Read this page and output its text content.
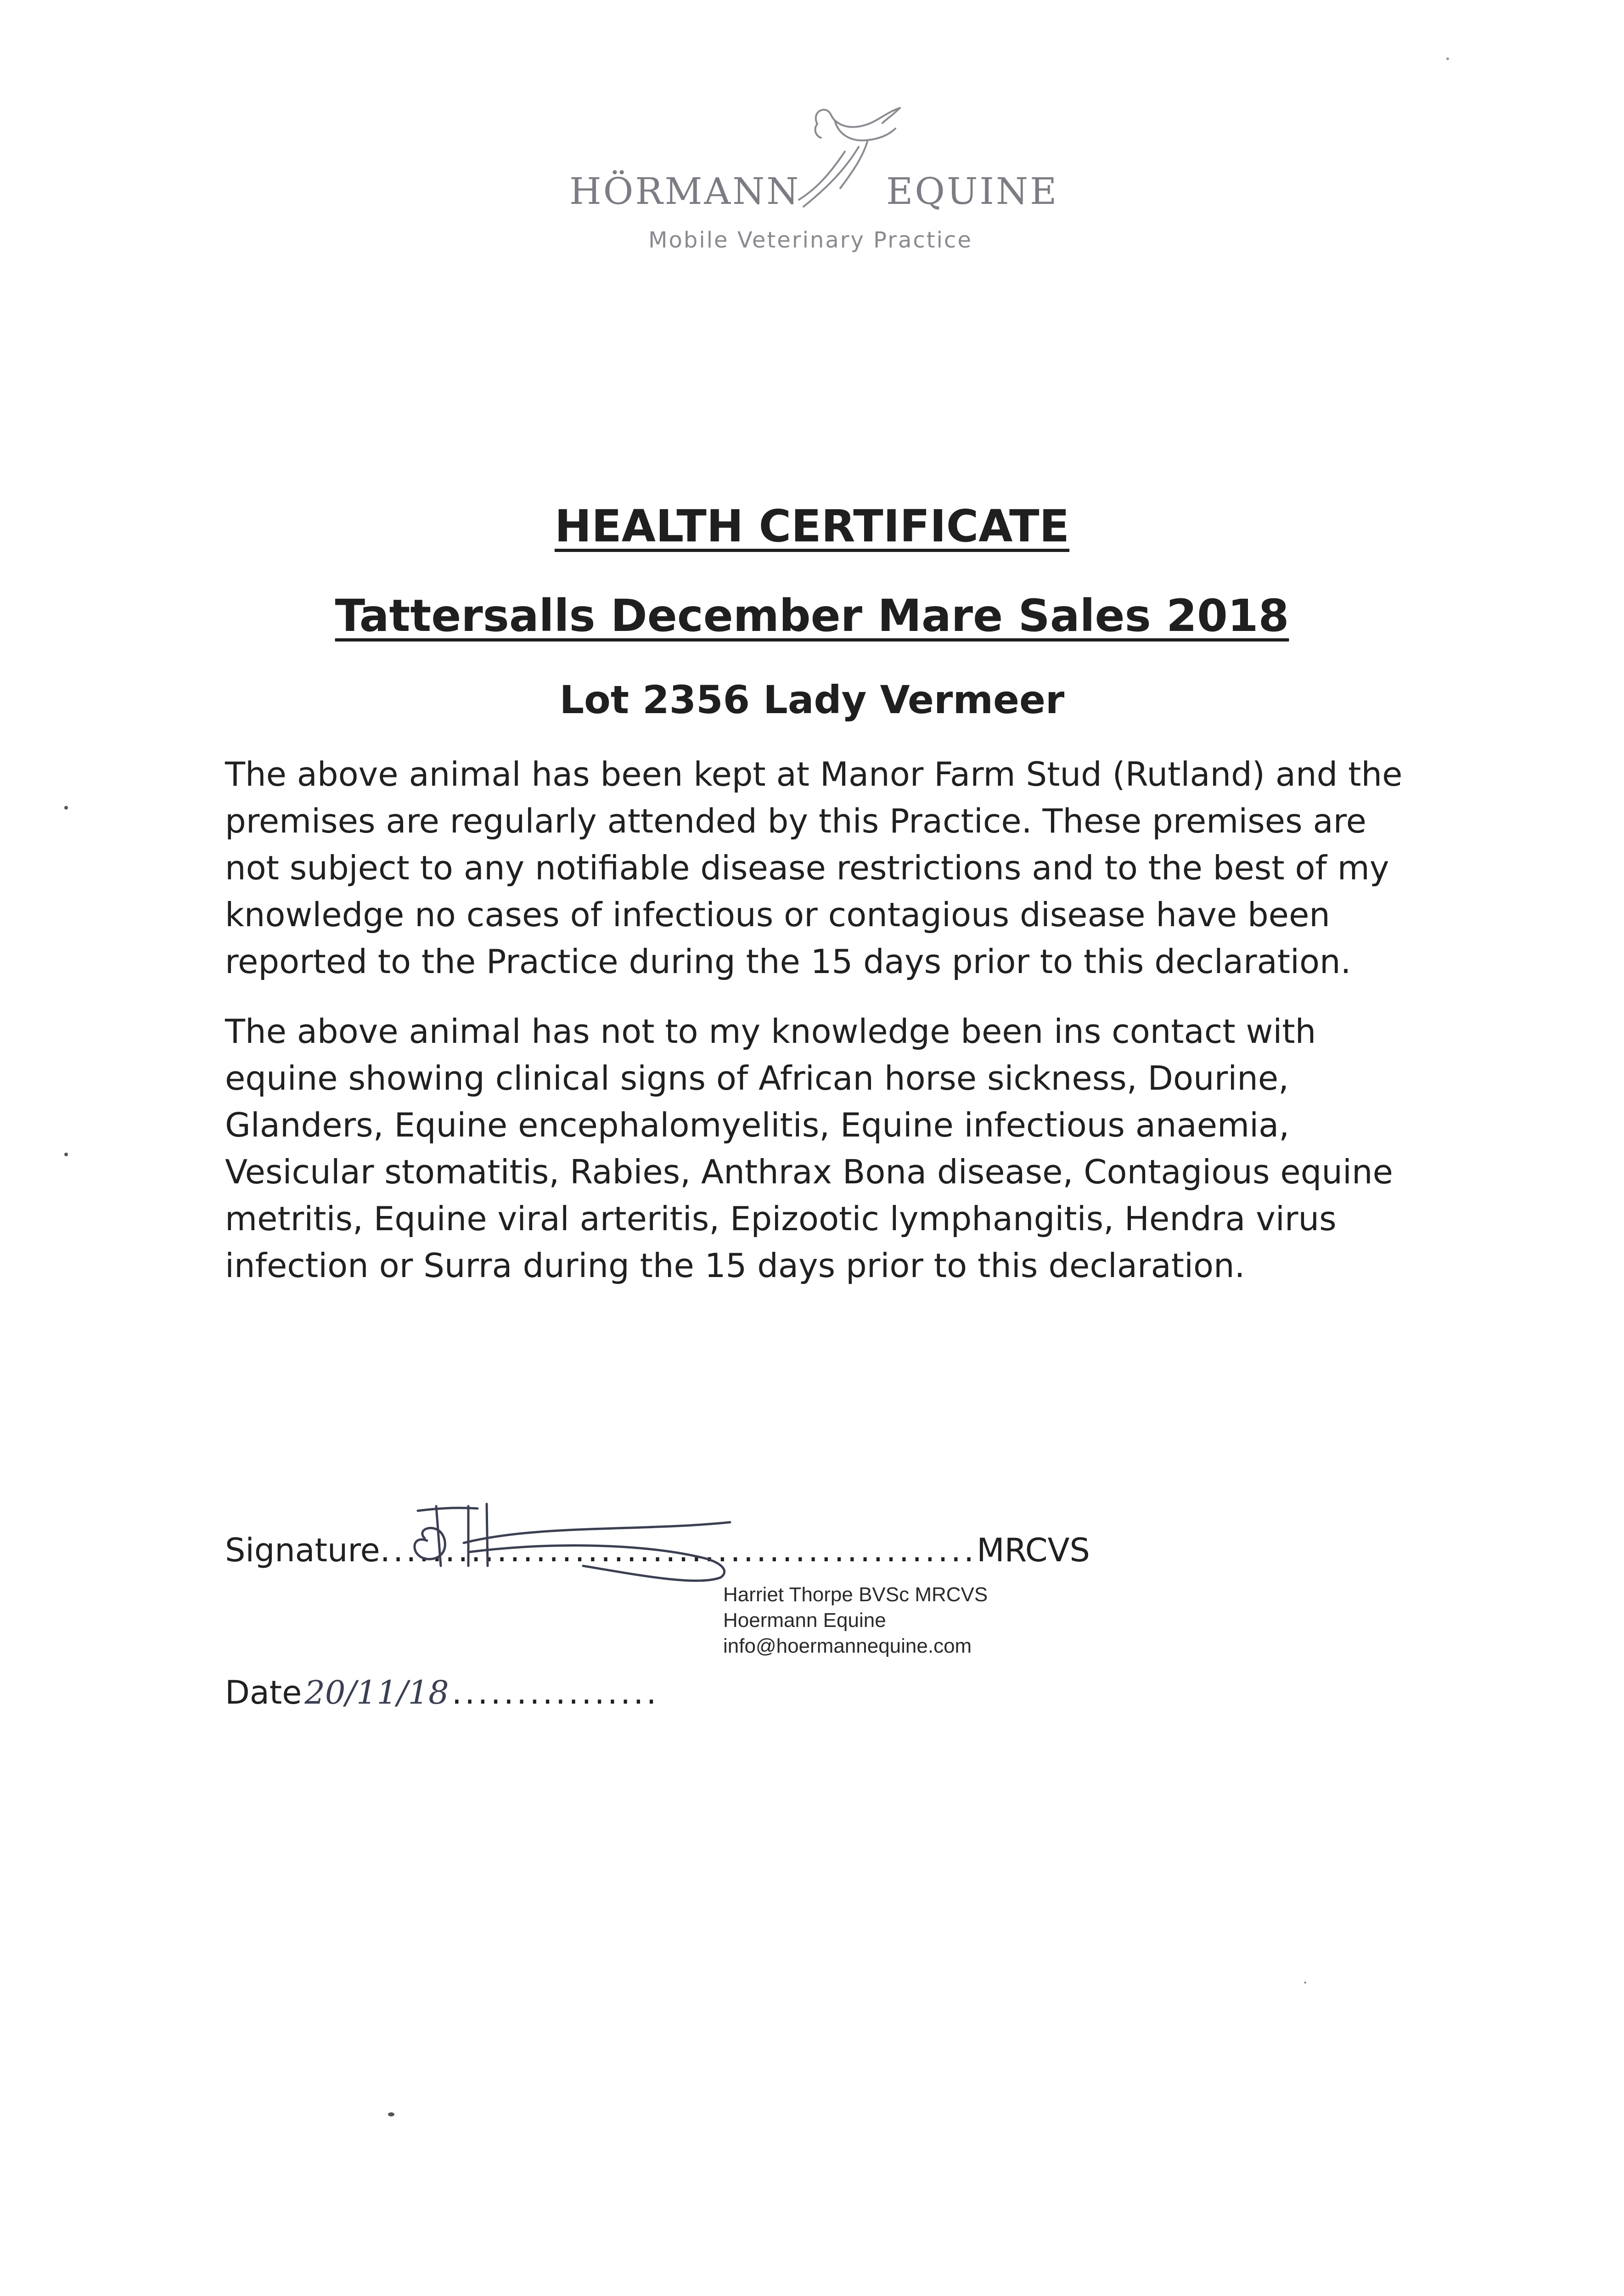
HÖRMANN EQUINE
Mobile Veterinary Practice
HEALTH CERTIFICATE
Tattersalls December Mare Sales 2018
Lot 2356 Lady Vermeer
The above animal has been kept at Manor Farm Stud (Rutland) and the
premises are regularly attended by this Practice. These premises are
not subject to any notifiable disease restrictions and to the best of my
knowledge no cases of infectious or contagious disease have been
reported to the Practice during the 15 days prior to this declaration.
The above animal has not to my knowledge been ins contact with
equine showing clinical signs of African horse sickness, Dourine,
Glanders, Equine encephalomyelitis, Equine infectious anaemia,
Vesicular stomatitis, Rabies, Anthrax Bona disease, Contagious equine
metritis, Equine viral arteritis, Epizootic lymphangitis, Hendra virus
infection or Surra during the 15 days prior to this declaration.
Signature..............................................MRCVS
Harriet Thorpe BVSc MRCVS
Hoermann Equine
info@hoermannequine.com
Date20/11/18................
